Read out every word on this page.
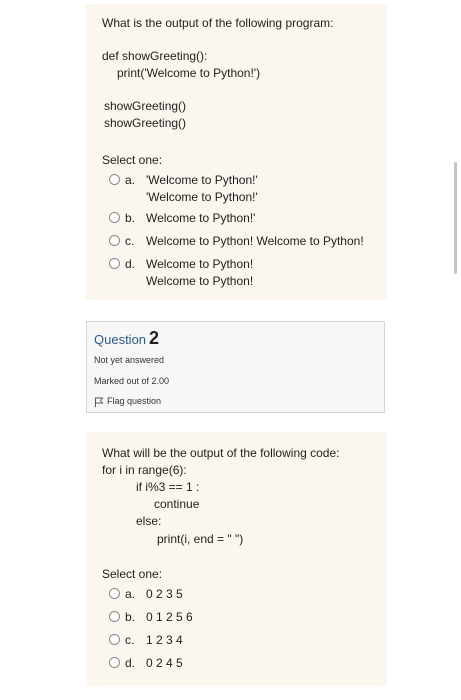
What is the output of the following program:
def showGreeting():
print('Welcome to Python!')
showGreeting()
showGreeting()
Select one:
a. 'Welcome to Python!'
'Welcome to Python!'
b. Welcome to Python!'
c. Welcome to Python! Welcome to Python!
d. Welcome to Python!
Welcome to Python!
Question 2
Not yet answered
Marked out of 2.00
Flag question
What will be the output of the following code:
for i in range(6):
if i%3 == 1 :
continue
else:
print(i, end = " ")
Select one:
a. 0 2 3 5
b. 0 1 2 5 6
c. 1 2 3 4
d. 0 2 4 5
